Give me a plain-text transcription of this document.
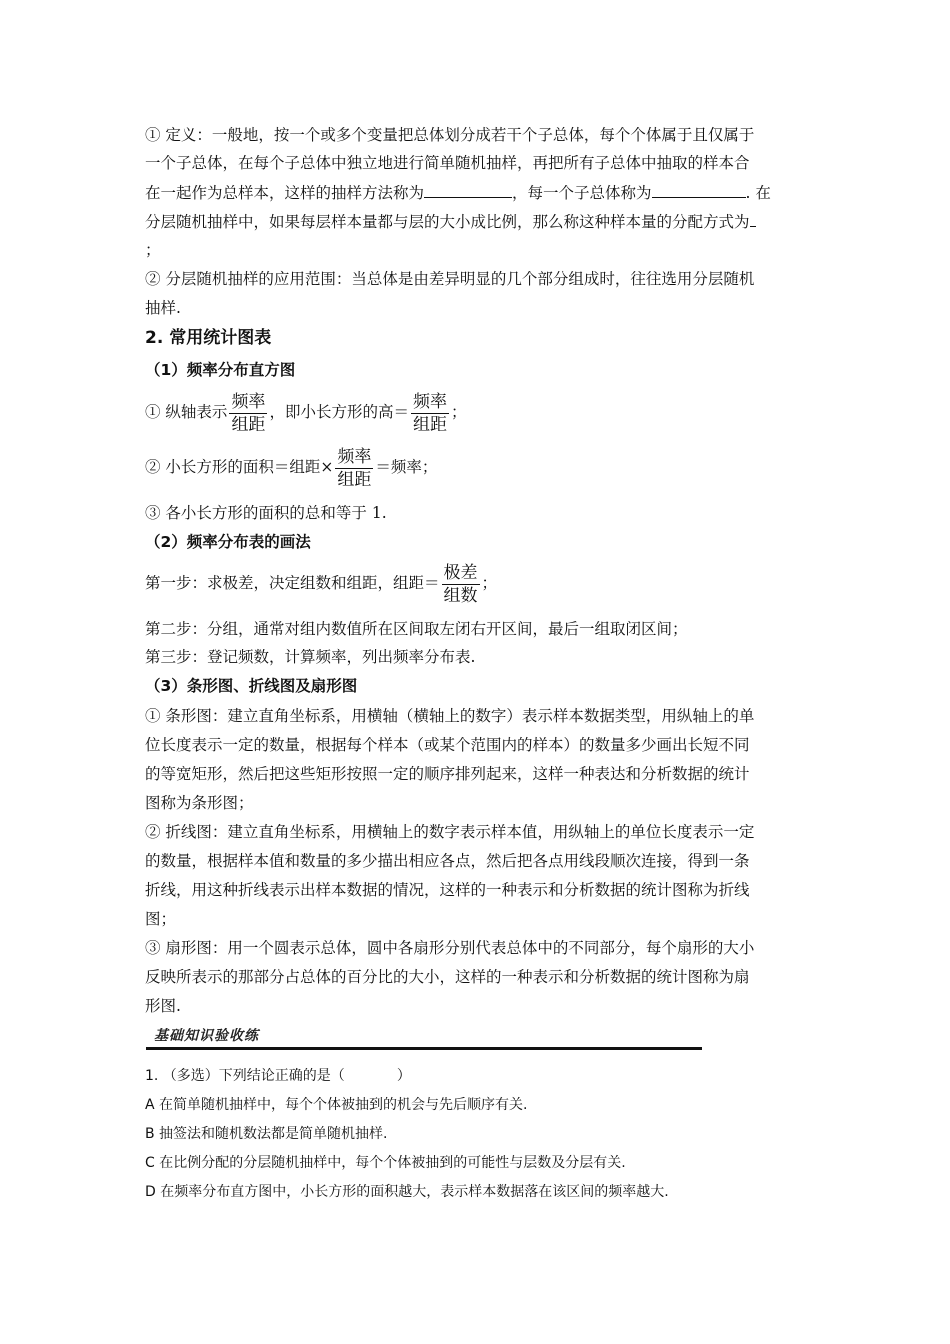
① 定义：一般地，按一个或多个变量把总体划分成若干个子总体，每个个体属于且仅属于
一个子总体，在每个子总体中独立地进行简单随机抽样，再把所有子总体中抽取的样本合
在一起作为总样本，这样的抽样方法称为	，每一个子总体称为	. 在
分层随机抽样中，如果每层样本量都与层的大小成比例，那么称这种样本量的分配方式为
；
② 分层随机抽样的应用范围：当总体是由差异明显的几个部分组成时，往往选用分层随机
抽样.
2. 常用统计图表
（1）频率分布直方图
① 纵轴表示 $\frac{\text{频率}}{\text{组距}}$ ，即小长方形的高＝ $\frac{\text{频率}}{\text{组距}}$ ；
② 小长方形的面积＝组距× $\frac{\text{频率}}{\text{组距}}$ ＝频率；
③ 各小长方形的面积的总和等于 1.
（2）频率分布表的画法
第一步：求极差，决定组数和组距，组距＝ $\frac{\text{极差}}{\text{组数}}$ ；
第二步：分组，通常对组内数值所在区间取左闭右开区间，最后一组取闭区间；
第三步：登记频数，计算频率，列出频率分布表.
（3）条形图、折线图及扇形图
① 条形图：建立直角坐标系，用横轴（横轴上的数字）表示样本数据类型，用纵轴上的单
位长度表示一定的数量，根据每个样本（或某个范围内的样本）的数量多少画出长短不同
的等宽矩形，然后把这些矩形按照一定的顺序排列起来，这样一种表达和分析数据的统计
图称为条形图；
② 折线图：建立直角坐标系，用横轴上的数字表示样本值，用纵轴上的单位长度表示一定
的数量，根据样本值和数量的多少描出相应各点，然后把各点用线段顺次连接，得到一条
折线，用这种折线表示出样本数据的情况，这样的一种表示和分析数据的统计图称为折线
图；
③ 扇形图：用一个圆表示总体，圆中各扇形分别代表总体中的不同部分，每个扇形的大小
反映所表示的那部分占总体的百分比的大小，这样的一种表示和分析数据的统计图称为扇
形图.
基础知识验收练
1. （多选）下列结论正确的是（	）
A 在简单随机抽样中，每个个体被抽到的机会与先后顺序有关.
B 抽签法和随机数法都是简单随机抽样.
C 在比例分配的分层随机抽样中，每个个体被抽到的可能性与层数及分层有关.
D 在频率分布直方图中，小长方形的面积越大，表示样本数据落在该区间的频率越大.
